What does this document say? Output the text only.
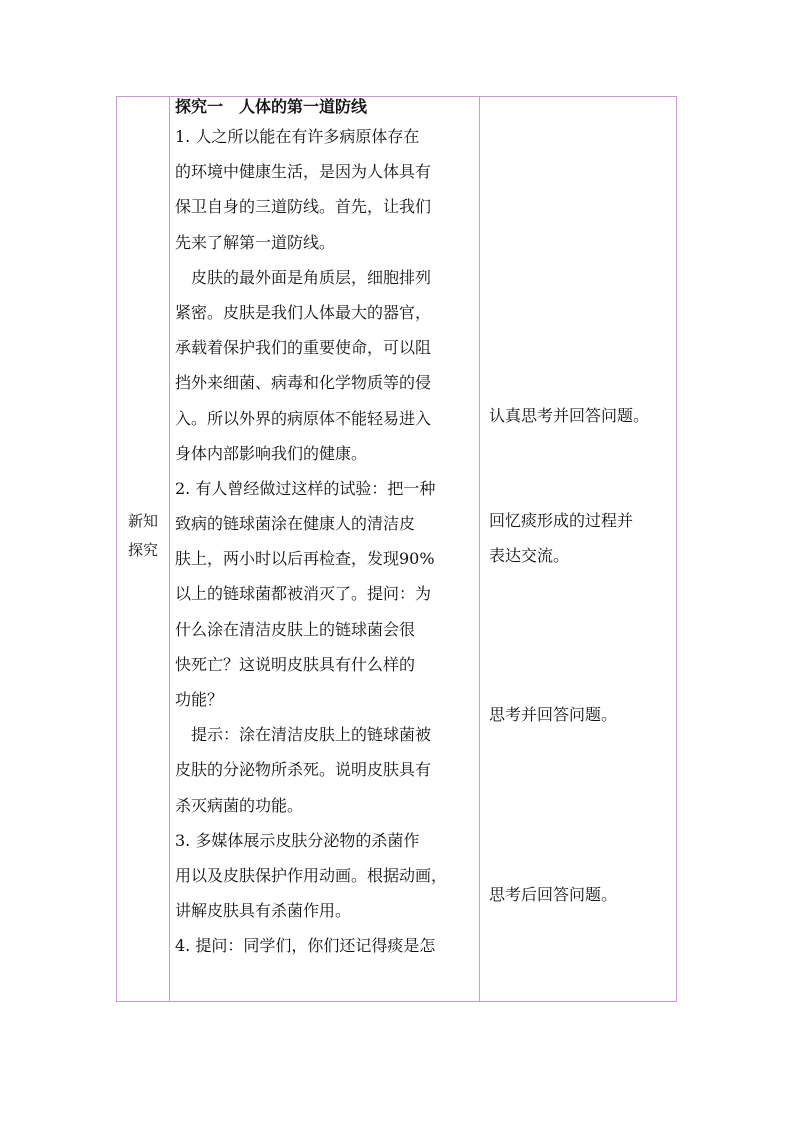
新知
探究
探究一　人体的第一道防线
1. 人之所以能在有许多病原体存在
的环境中健康生活，是因为人体具有
保卫自身的三道防线。首先，让我们
先来了解第一道防线。
　皮肤的最外面是角质层，细胞排列
紧密。皮肤是我们人体最大的器官，
承载着保护我们的重要使命，可以阻
挡外来细菌、病毒和化学物质等的侵
入。所以外界的病原体不能轻易进入
身体内部影响我们的健康。
2. 有人曾经做过这样的试验：把一种
致病的链球菌涂在健康人的清洁皮
肤上，两小时以后再检查，发现90%
以上的链球菌都被消灭了。提问：为
什么涂在清洁皮肤上的链球菌会很
快死亡？这说明皮肤具有什么样的
功能？
　提示：涂在清洁皮肤上的链球菌被
皮肤的分泌物所杀死。说明皮肤具有
杀灭病菌的功能。
3. 多媒体展示皮肤分泌物的杀菌作
用以及皮肤保护作用动画。根据动画，
讲解皮肤具有杀菌作用。
4. 提问：同学们，你们还记得痰是怎
认真思考并回答问题。
回忆痰形成的过程并
表达交流。
思考并回答问题。
思考后回答问题。
